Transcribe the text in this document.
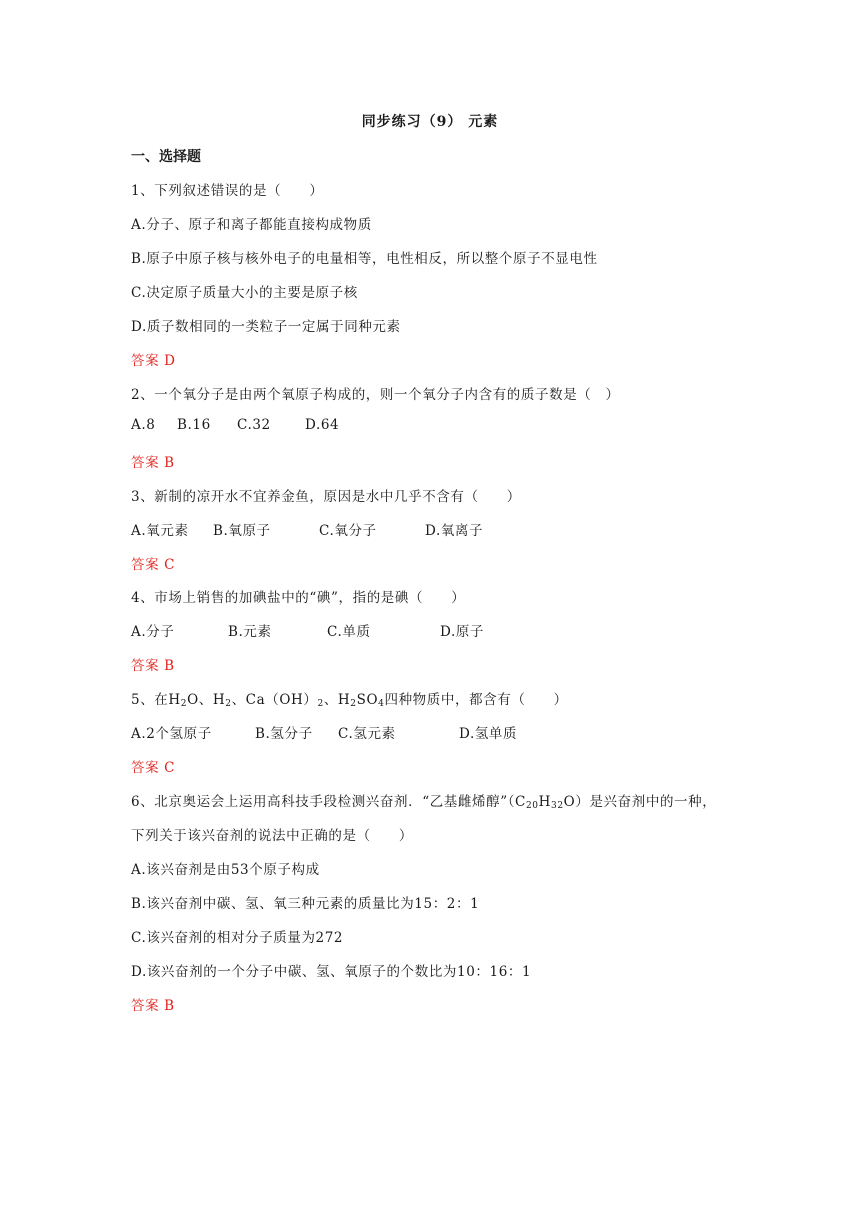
同步练习（9） 元素
一、选择题
1、下列叙述错误的是（　　）
A.分子、原子和离子都能直接构成物质
B.原子中原子核与核外电子的电量相等，电性相反，所以整个原子不显电性
C.决定原子质量大小的主要是原子核
D.质子数相同的一类粒子一定属于同种元素
答案 D
2、一个氧分子是由两个氧原子构成的，则一个氧分子内含有的质子数是（　）
A.8 B.16 C.32	D.64
答案 B
3、新制的凉开水不宜养金鱼，原因是水中几乎不含有（　　）
A.氧元素 B.氧原子	C.氧分子	D.氧离子
答案 C
4、市场上销售的加碘盐中的“碘”，指的是碘（　　）
A.分子	B.元素	C.单质	D.原子
答案 B
5、在$H_2O$、$H_2$、$Ca(OH)_2$、$H_2SO_4$四种物质中，都含有（　　）
A.2个氢原子	B.氢分子 C.氢元素	D.氢单质
答案 C
6、北京奥运会上运用高科技手段检测兴奋剂．“乙基雌烯醇$”(C_{20}H_{32}O)$是兴奋剂中的一种，
下列关于该兴奋剂的说法中正确的是（　　）
A.该兴奋剂是由53个原子构成
B.该兴奋剂中碳、氢、氧三种元素的质量比为15：2：1
C.该兴奋剂的相对分子质量为272
D.该兴奋剂的一个分子中碳、氢、氧原子的个数比为10：16：1
答案 B
